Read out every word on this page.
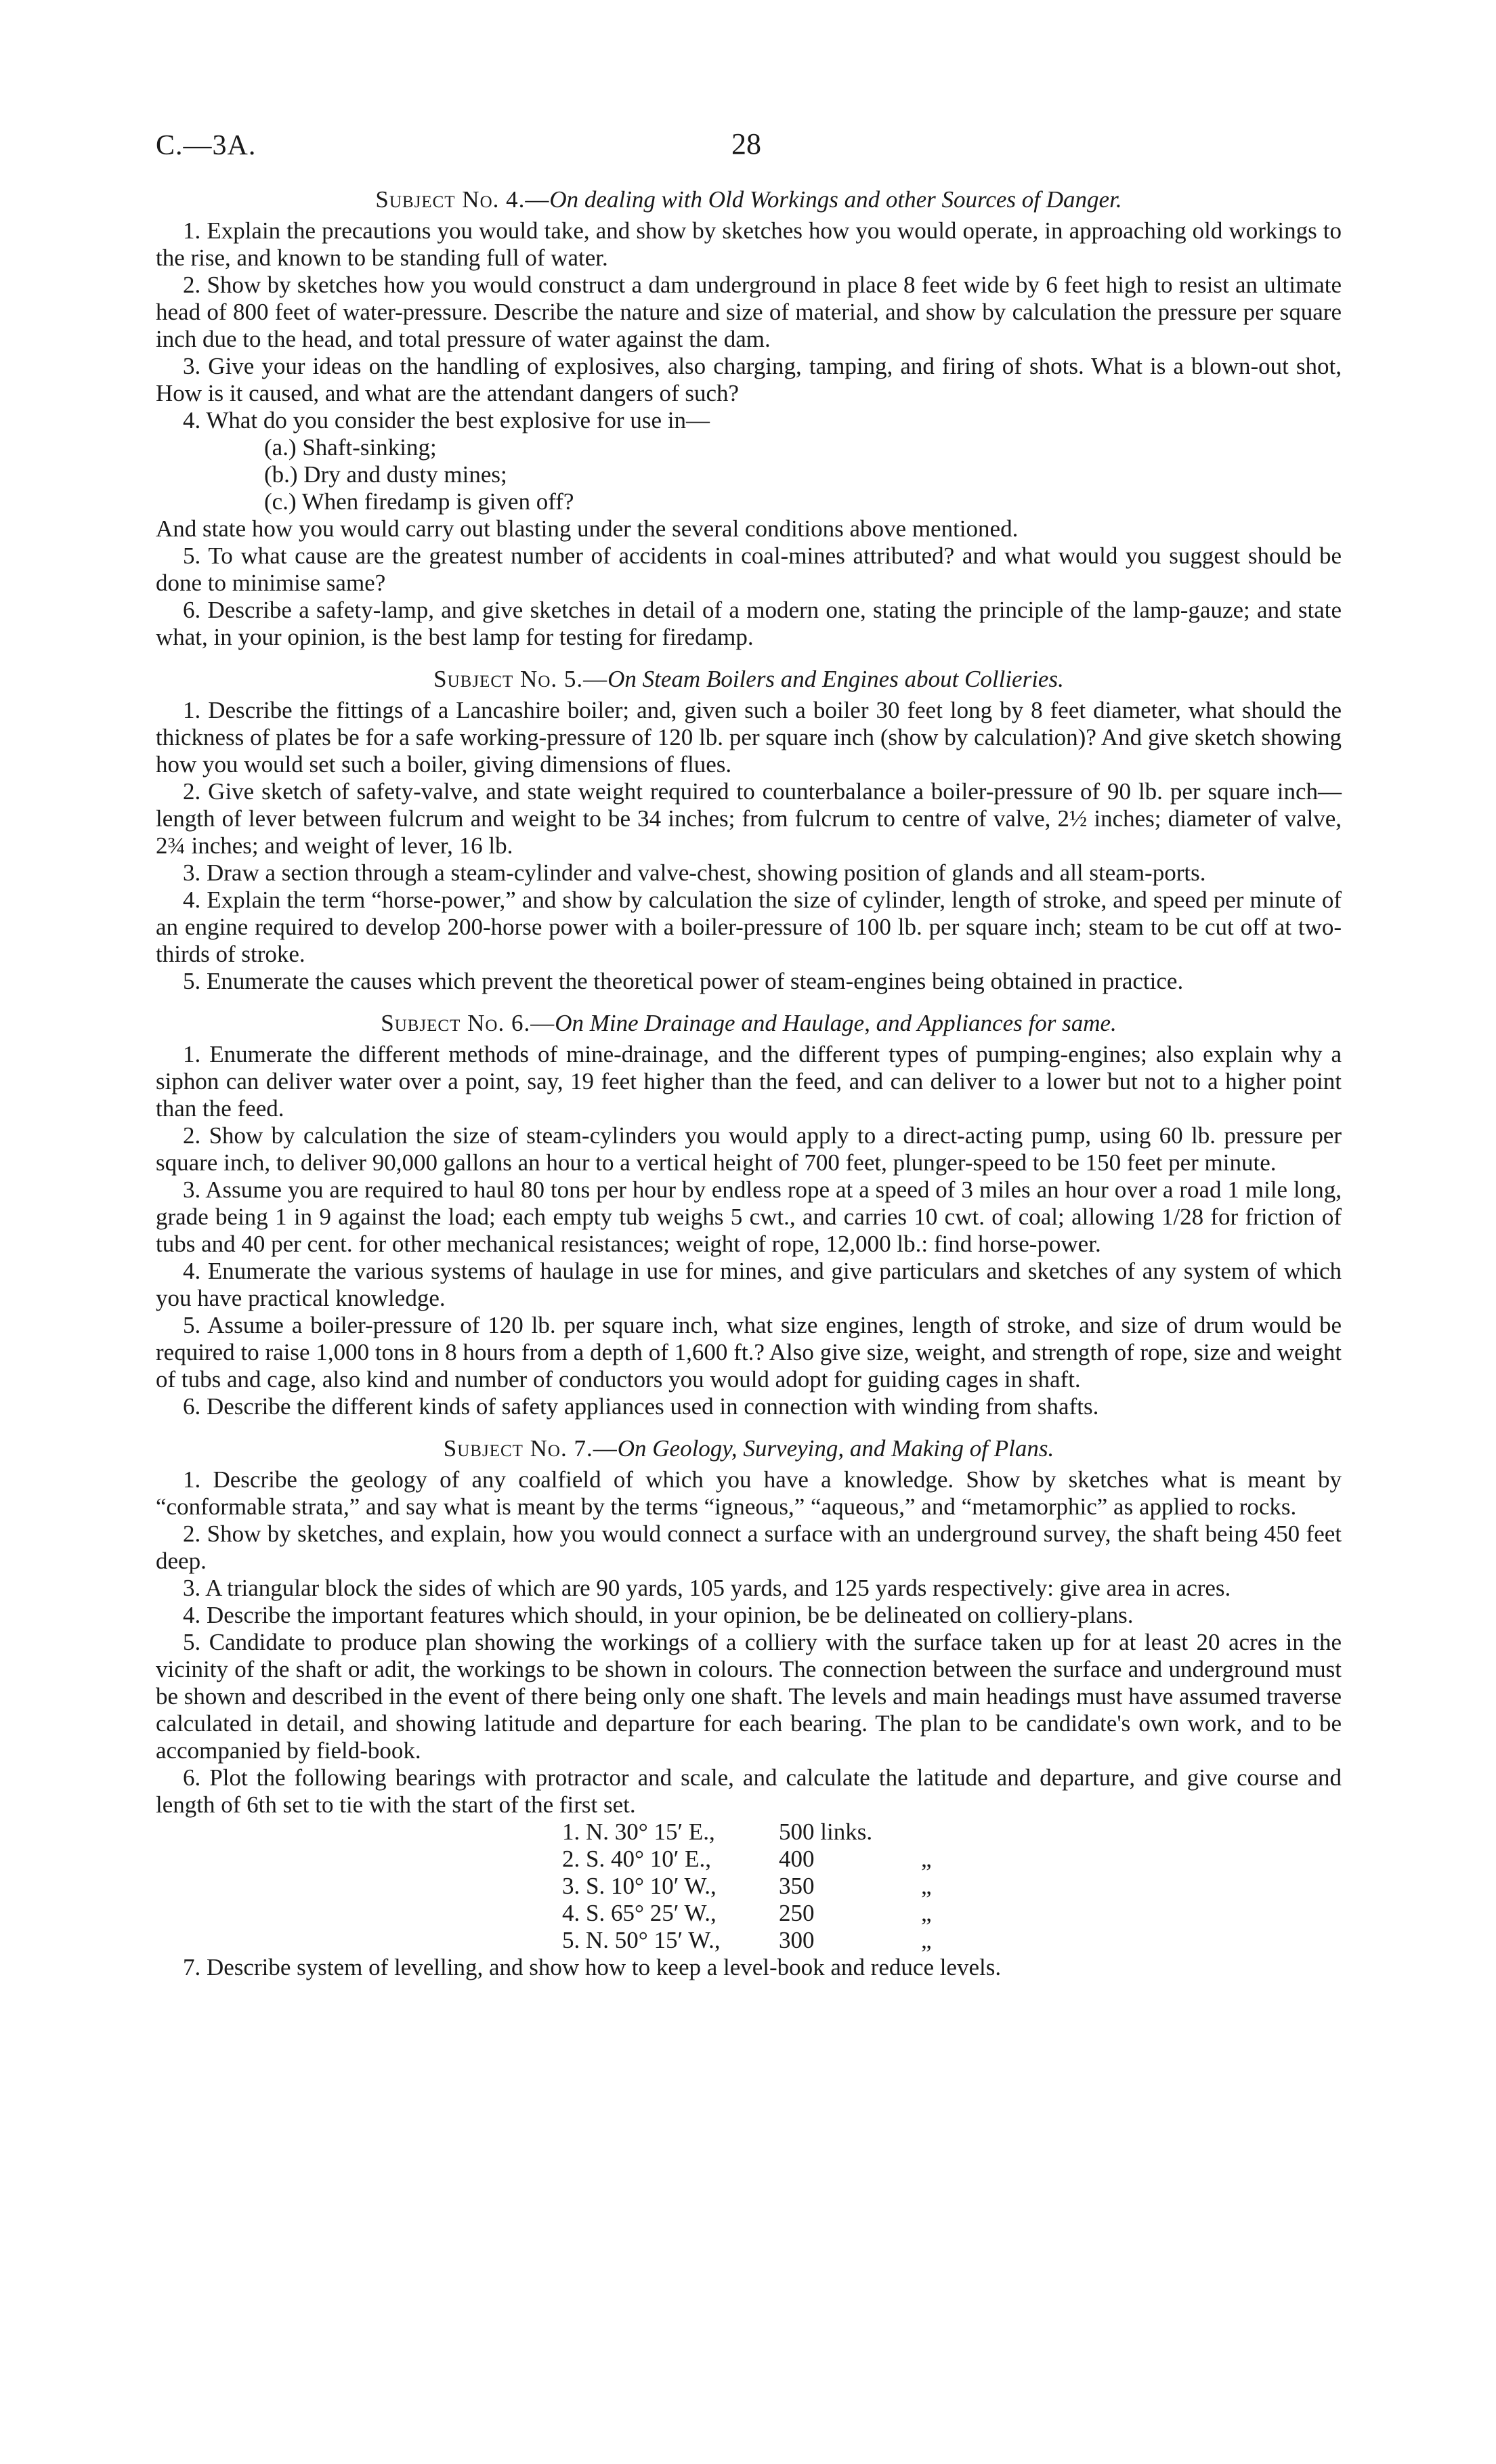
C.—3A.	28
Subject No. 4.—On dealing with Old Workings and other Sources of Danger.

1. Explain the precautions you would take, and show by sketches how you would operate, in approaching old workings to the rise, and known to be standing full of water.

2. Show by sketches how you would construct a dam underground in place 8 feet wide by 6 feet high to resist an ultimate head of 800 feet of water-pressure. Describe the nature and size of material, and show by calculation the pressure per square inch due to the head, and total pressure of water against the dam.

3. Give your ideas on the handling of explosives, also charging, tamping, and firing of shots. What is a blown-out shot, How is it caused, and what are the attendant dangers of such?

4. What do you consider the best explosive for use in—

(a.) Shaft-sinking;

(b.) Dry and dusty mines;

(c.) When firedamp is given off?

And state how you would carry out blasting under the several conditions above mentioned.

5. To what cause are the greatest number of accidents in coal-mines attributed? and what would you suggest should be done to minimise same?

6. Describe a safety-lamp, and give sketches in detail of a modern one, stating the principle of the lamp-gauze; and state what, in your opinion, is the best lamp for testing for firedamp.

Subject No. 5.—On Steam Boilers and Engines about Collieries.

1. Describe the fittings of a Lancashire boiler; and, given such a boiler 30 feet long by 8 feet diameter, what should the thickness of plates be for a safe working-pressure of 120 lb. per square inch (show by calculation)? And give sketch showing how you would set such a boiler, giving dimensions of flues.

2. Give sketch of safety-valve, and state weight required to counterbalance a boiler-pressure of 90 lb. per square inch—length of lever between fulcrum and weight to be 34 inches; from fulcrum to centre of valve, 2½ inches; diameter of valve, 2¾ inches; and weight of lever, 16 lb.

3. Draw a section through a steam-cylinder and valve-chest, showing position of glands and all steam-ports.

4. Explain the term “horse-power,” and show by calculation the size of cylinder, length of stroke, and speed per minute of an engine required to develop 200-horse power with a boiler-pressure of 100 lb. per square inch; steam to be cut off at two-thirds of stroke.

5. Enumerate the causes which prevent the theoretical power of steam-engines being obtained in practice.

Subject No. 6.—On Mine Drainage and Haulage, and Appliances for same.

1. Enumerate the different methods of mine-drainage, and the different types of pumping-engines; also explain why a siphon can deliver water over a point, say, 19 feet higher than the feed, and can deliver to a lower but not to a higher point than the feed.

2. Show by calculation the size of steam-cylinders you would apply to a direct-acting pump, using 60 lb. pressure per square inch, to deliver 90,000 gallons an hour to a vertical height of 700 feet, plunger-speed to be 150 feet per minute.

3. Assume you are required to haul 80 tons per hour by endless rope at a speed of 3 miles an hour over a road 1 mile long, grade being 1 in 9 against the load; each empty tub weighs 5 cwt., and carries 10 cwt. of coal; allowing 1/28 for friction of tubs and 40 per cent. for other mechanical resistances; weight of rope, 12,000 lb.: find horse-power.

4. Enumerate the various systems of haulage in use for mines, and give particulars and sketches of any system of which you have practical knowledge.

5. Assume a boiler-pressure of 120 lb. per square inch, what size engines, length of stroke, and size of drum would be required to raise 1,000 tons in 8 hours from a depth of 1,600 ft.? Also give size, weight, and strength of rope, size and weight of tubs and cage, also kind and number of conductors you would adopt for guiding cages in shaft.

6. Describe the different kinds of safety appliances used in connection with winding from shafts.

Subject No. 7.—On Geology, Surveying, and Making of Plans.

1. Describe the geology of any coalfield of which you have a knowledge. Show by sketches what is meant by “conformable strata,” and say what is meant by the terms “igneous,” “aqueous,” and “metamorphic” as applied to rocks.

2. Show by sketches, and explain, how you would connect a surface with an underground survey, the shaft being 450 feet deep.

3. A triangular block the sides of which are 90 yards, 105 yards, and 125 yards respectively: give area in acres.

4. Describe the important features which should, in your opinion, be be delineated on colliery-plans.

5. Candidate to produce plan showing the workings of a colliery with the surface taken up for at least 20 acres in the vicinity of the shaft or adit, the workings to be shown in colours. The connection between the surface and underground must be shown and described in the event of there being only one shaft. The levels and main headings must have assumed traverse calculated in detail, and showing latitude and departure for each bearing. The plan to be candidate's own work, and to be accompanied by field-book.

6. Plot the following bearings with protractor and scale, and calculate the latitude and departure, and give course and length of 6th set to tie with the start of the first set.

1. N. 30° 15′ E.,	500 links.
2. S. 40° 10′ E.,	400	„
3. S. 10° 10′ W.,	350	„
4. S. 65° 25′ W.,	250	„
5. N. 50° 15′ W.,	300	„

7. Describe system of levelling, and show how to keep a level-book and reduce levels.
